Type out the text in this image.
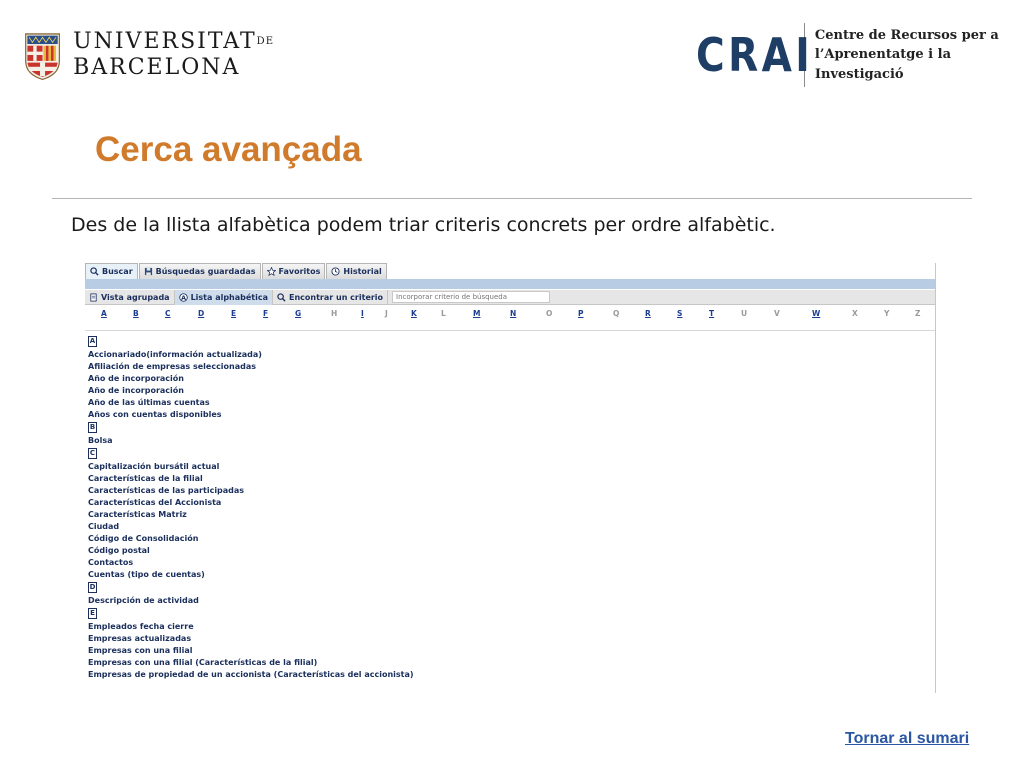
UNIVERSITATDE
BARCELONA	CRAI Centre de Recursos per a
l’Aprenentatge i la Investigació
Cerca avançada
Des de la llista alfabètica podem triar criteris concrets per ordre alfabètic.
Buscar	Búsquedas guardadas	Favoritos	Historial
Vista agrupada A Lista alphabética	Encontrar un criterio
Incorporar criterio de búsqueda
A	B	C	D	E	F	G	H	I	J	K	L	M	N	O	P	Q	R	S	T	U	V	W	X	Y	Z
A
Accionariado(información actualizada)
Afiliación de empresas seleccionadas
Año de incorporación
Año de incorporación
Año de las últimas cuentas
Años con cuentas disponibles
B
Bolsa
C
Capitalización bursátil actual
Características de la filial
Características de las participadas
Características del Accionista
Características Matriz
Ciudad
Código de Consolidación
Código postal
Contactos
Cuentas (tipo de cuentas)
D
Descripción de actividad
E
Empleados fecha cierre
Empresas actualizadas
Empresas con una filial
Empresas con una filial (Características de la filial)
Empresas de propiedad de un accionista (Características del accionista)
Tornar al sumari
